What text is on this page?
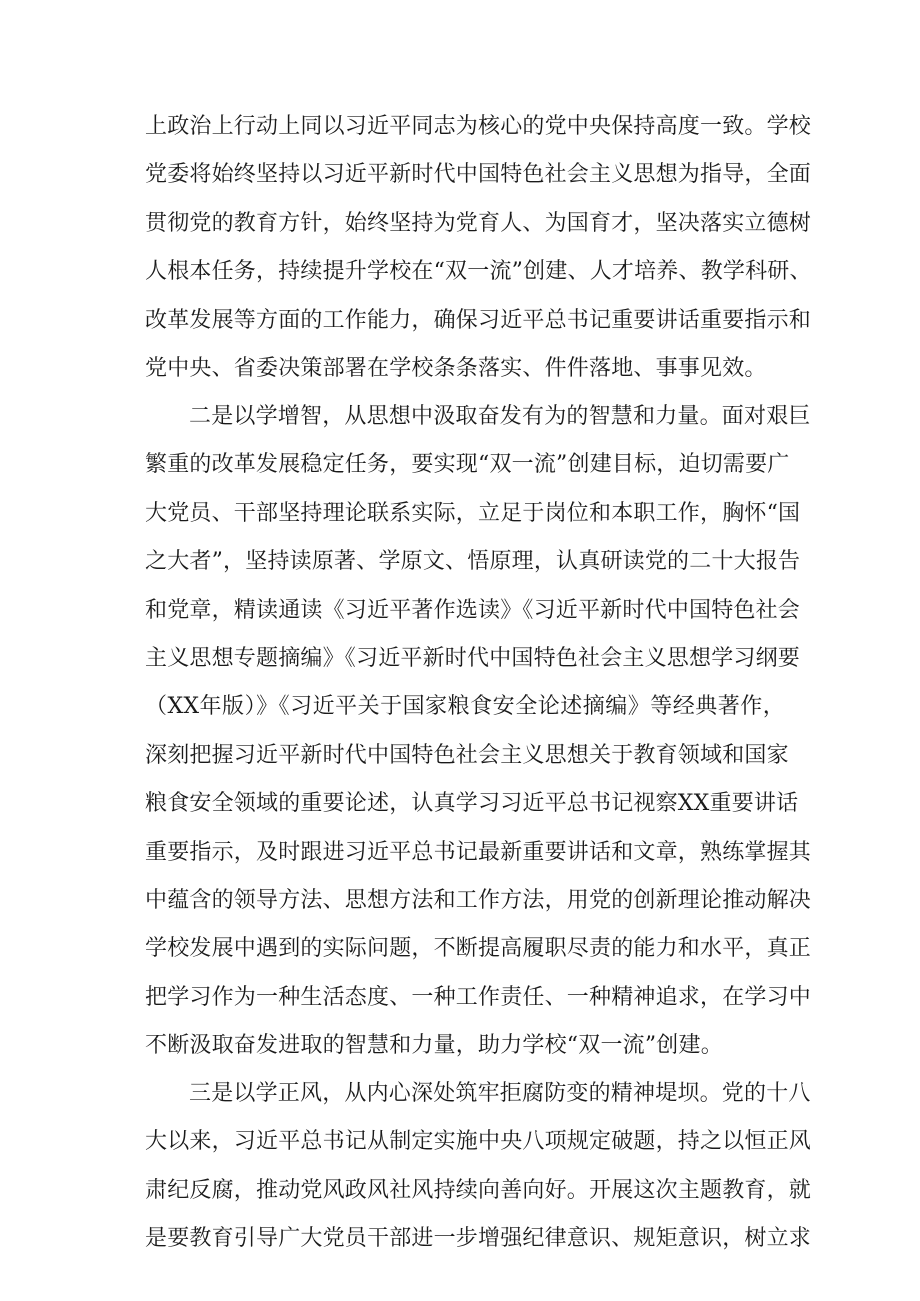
上政治上行动上同以习近平同志为核心的党中央保持高度一致。学校
党委将始终坚持以习近平新时代中国特色社会主义思想为指导，全面
贯彻党的教育方针，始终坚持为党育人、为国育才，坚决落实立德树
人根本任务，持续提升学校在“双一流”创建、人才培养、教学科研、
改革发展等方面的工作能力，确保习近平总书记重要讲话重要指示和
党中央、省委决策部署在学校条条落实、件件落地、事事见效。
二是以学增智，从思想中汲取奋发有为的智慧和力量。面对艰巨
繁重的改革发展稳定任务，要实现“双一流”创建目标，迫切需要广
大党员、干部坚持理论联系实际，立足于岗位和本职工作，胸怀“国
之大者”，坚持读原著、学原文、悟原理，认真研读党的二十大报告
和党章，精读通读《习近平著作选读》《习近平新时代中国特色社会
主义思想专题摘编》《习近平新时代中国特色社会主义思想学习纲要
（XX年版）》《习近平关于国家粮食安全论述摘编》等经典著作，
深刻把握习近平新时代中国特色社会主义思想关于教育领域和国家
粮食安全领域的重要论述，认真学习习近平总书记视察XX重要讲话
重要指示，及时跟进习近平总书记最新重要讲话和文章，熟练掌握其
中蕴含的领导方法、思想方法和工作方法，用党的创新理论推动解决
学校发展中遇到的实际问题，不断提高履职尽责的能力和水平，真正
把学习作为一种生活态度、一种工作责任、一种精神追求，在学习中
不断汲取奋发进取的智慧和力量，助力学校“双一流”创建。
三是以学正风，从内心深处筑牢拒腐防变的精神堤坝。党的十八
大以来，习近平总书记从制定实施中央八项规定破题，持之以恒正风
肃纪反腐，推动党风政风社风持续向善向好。开展这次主题教育，就
是要教育引导广大党员干部进一步增强纪律意识、规矩意识，树立求
